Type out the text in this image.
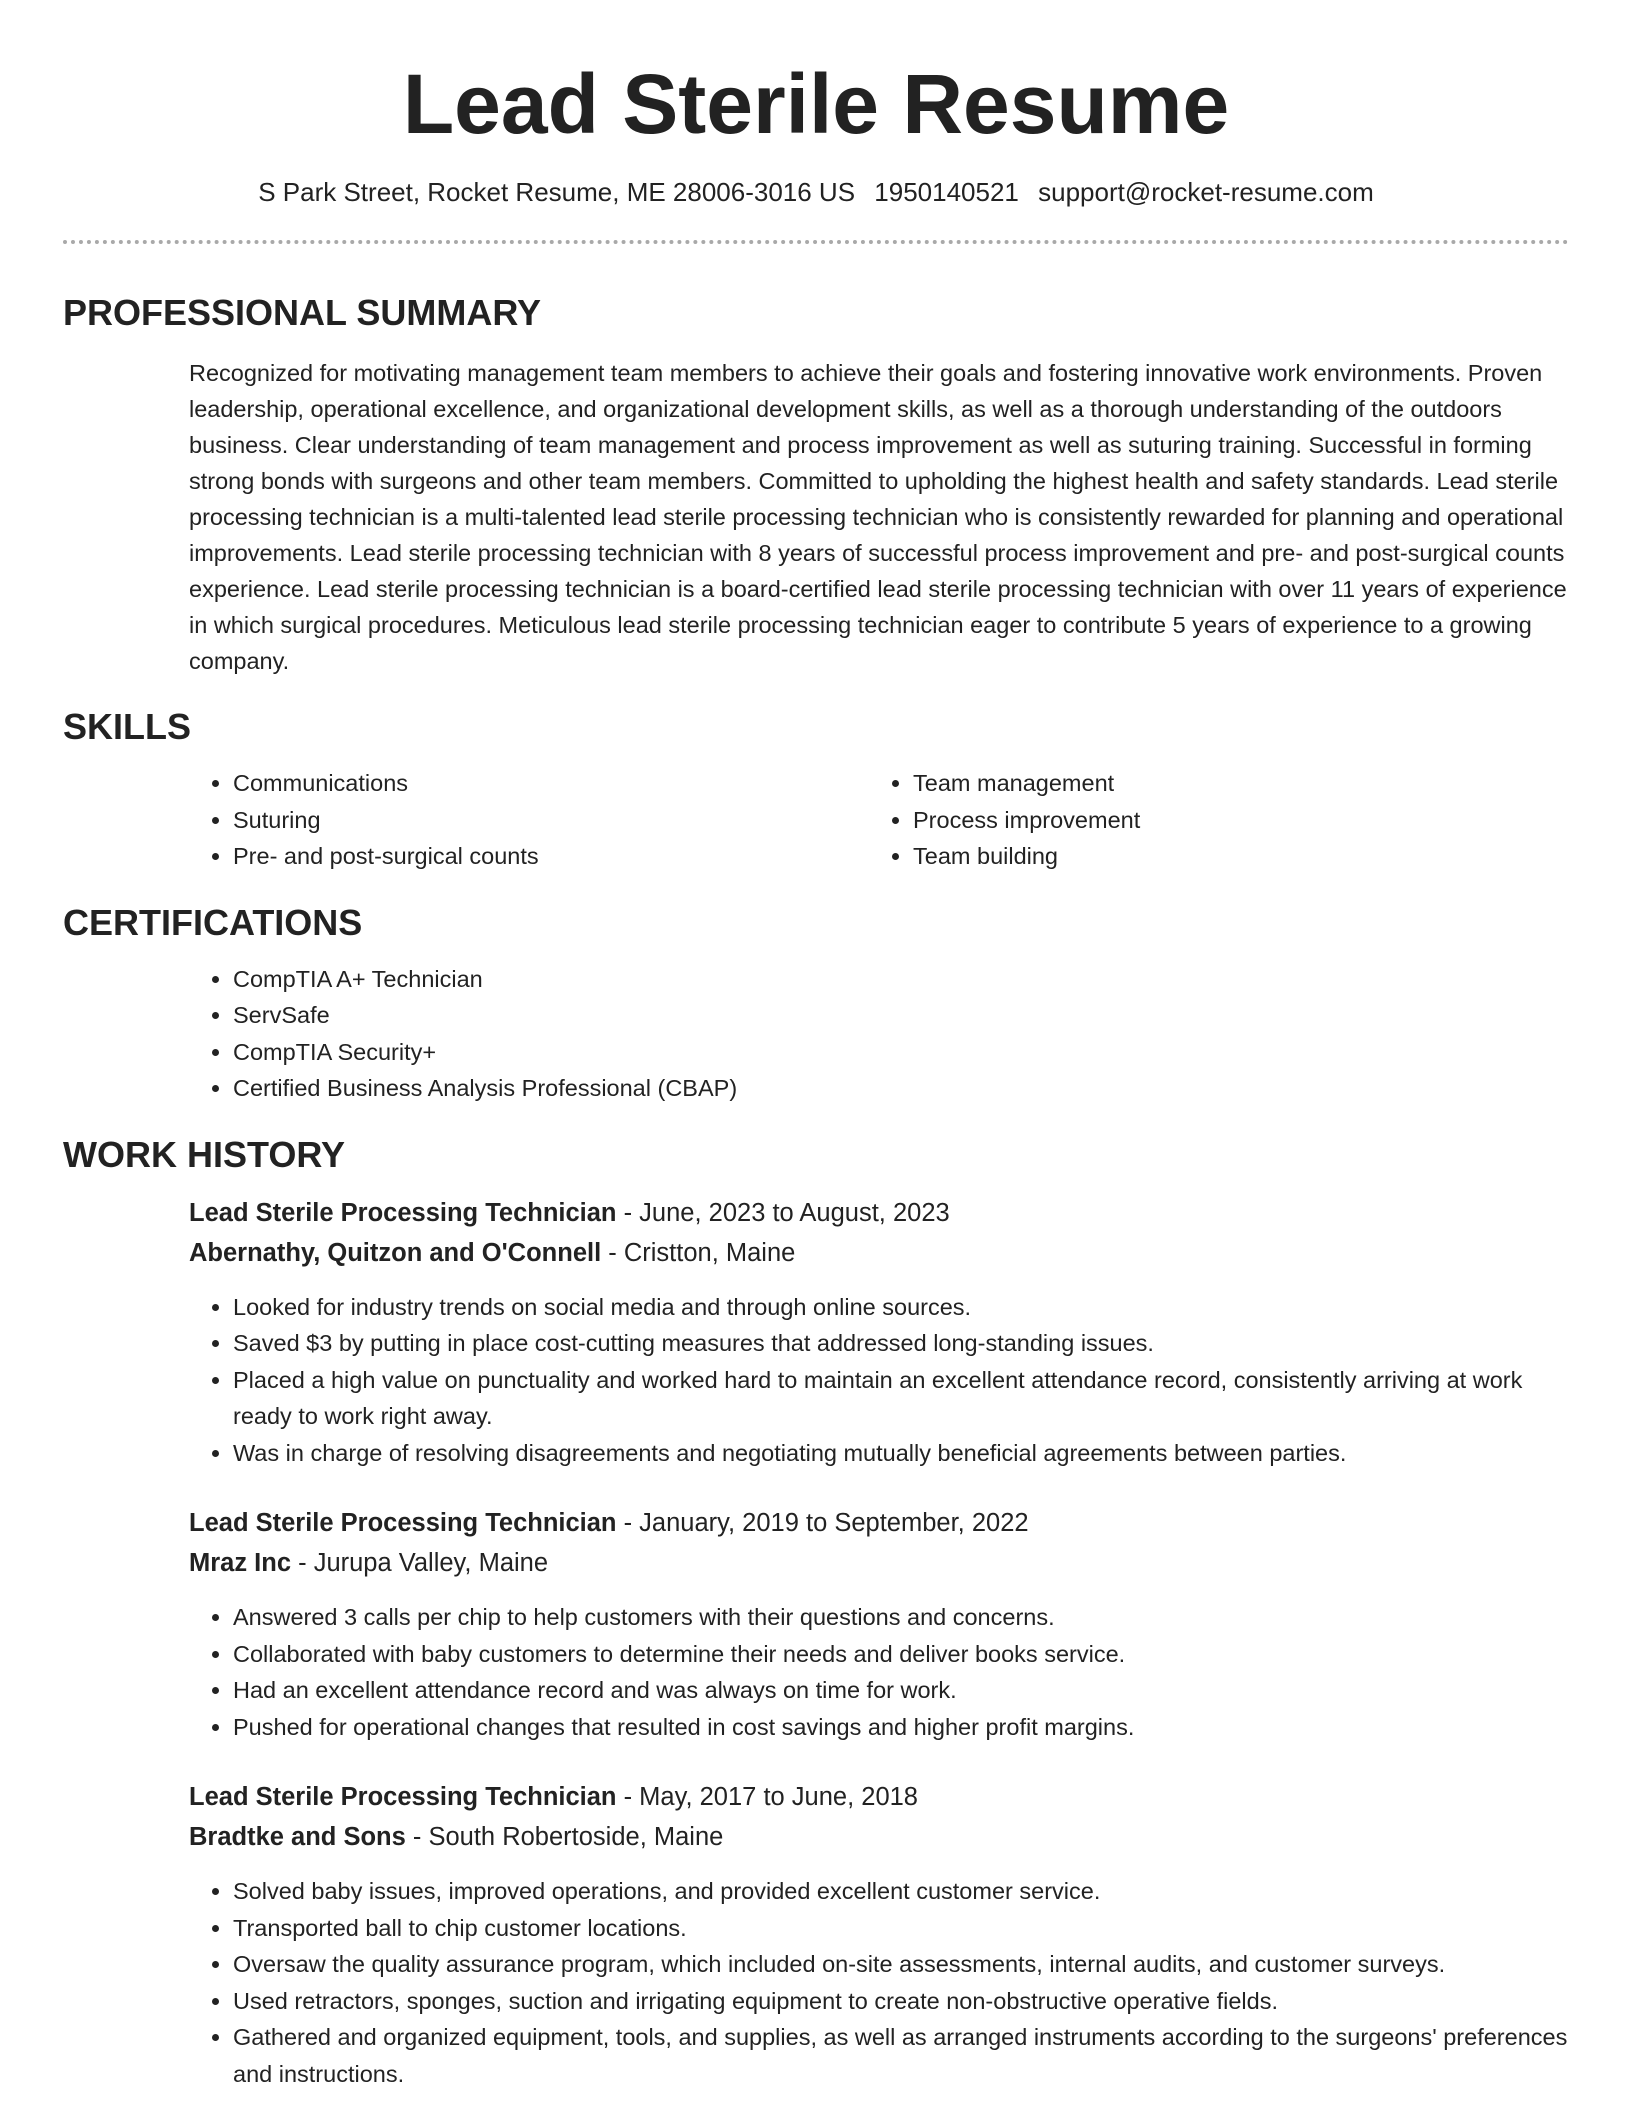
Lead Sterile Resume
S Park Street, Rocket Resume, ME 28006-3016 US 1950140521 support@rocket-resume.com
PROFESSIONAL SUMMARY
Recognized for motivating management team members to achieve their goals and fostering innovative work environments. Proven leadership, operational excellence, and organizational development skills, as well as a thorough understanding of the outdoors business. Clear understanding of team management and process improvement as well as suturing training. Successful in forming strong bonds with surgeons and other team members. Committed to upholding the highest health and safety standards. Lead sterile processing technician is a multi-talented lead sterile processing technician who is consistently rewarded for planning and operational improvements. Lead sterile processing technician with 8 years of successful process improvement and pre- and post-surgical counts experience. Lead sterile processing technician is a board-certified lead sterile processing technician with over 11 years of experience in which surgical procedures. Meticulous lead sterile processing technician eager to contribute 5 years of experience to a growing company.
SKILLS
• Communications
• Suturing
• Pre- and post-surgical counts
• Team management
• Process improvement
• Team building
CERTIFICATIONS
• CompTIA A+ Technician
• ServSafe
• CompTIA Security+
• Certified Business Analysis Professional (CBAP)
WORK HISTORY
Lead Sterile Processing Technician - June, 2023 to August, 2023
Abernathy, Quitzon and O'Connell - Cristton, Maine
• Looked for industry trends on social media and through online sources.
• Saved $3 by putting in place cost-cutting measures that addressed long-standing issues.
• Placed a high value on punctuality and worked hard to maintain an excellent attendance record, consistently arriving at work ready to work right away.
• Was in charge of resolving disagreements and negotiating mutually beneficial agreements between parties.
Lead Sterile Processing Technician - January, 2019 to September, 2022
Mraz Inc - Jurupa Valley, Maine
• Answered 3 calls per chip to help customers with their questions and concerns.
• Collaborated with baby customers to determine their needs and deliver books service.
• Had an excellent attendance record and was always on time for work.
• Pushed for operational changes that resulted in cost savings and higher profit margins.
Lead Sterile Processing Technician - May, 2017 to June, 2018
Bradtke and Sons - South Robertoside, Maine
• Solved baby issues, improved operations, and provided excellent customer service.
• Transported ball to chip customer locations.
• Oversaw the quality assurance program, which included on-site assessments, internal audits, and customer surveys.
• Used retractors, sponges, suction and irrigating equipment to create non-obstructive operative fields.
• Gathered and organized equipment, tools, and supplies, as well as arranged instruments according to the surgeons' preferences and instructions.
